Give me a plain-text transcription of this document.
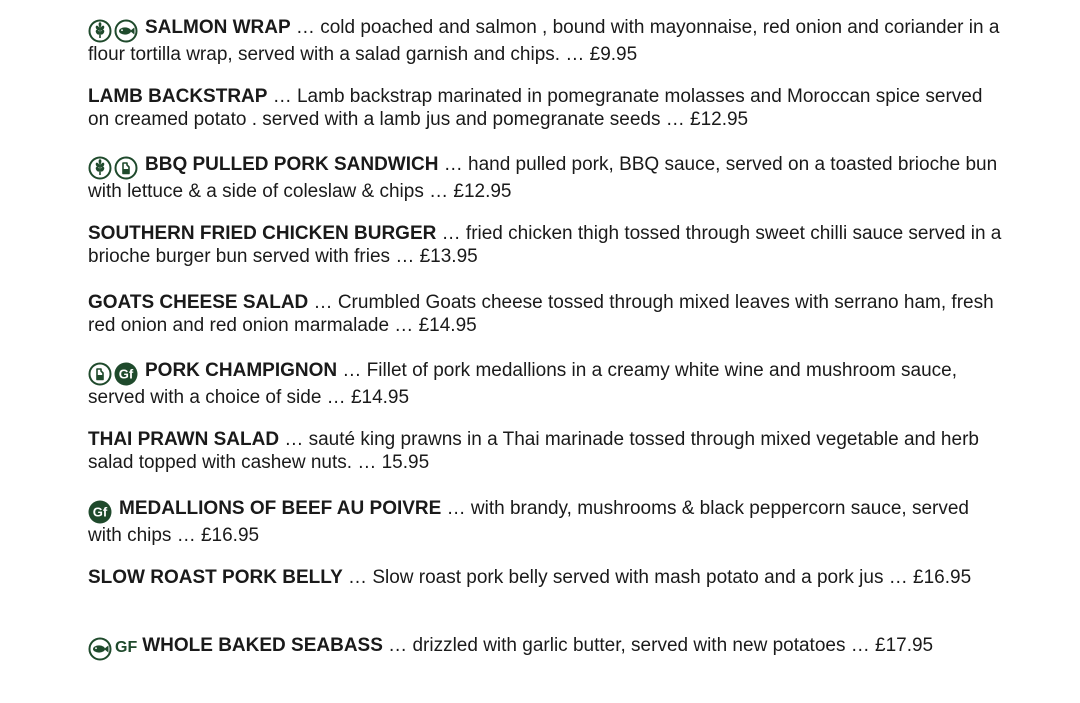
SALMON WRAP … cold poached and salmon , bound with mayonnaise, red onion and coriander in a flour tortilla wrap, served with a salad garnish and chips. … £9.95
LAMB BACKSTRAP … Lamb backstrap marinated in pomegranate molasses and Moroccan spice served on creamed potato . served with a lamb jus and pomegranate seeds … £12.95
BBQ PULLED PORK SANDWICH … hand pulled pork, BBQ sauce, served on a toasted brioche bun with lettuce & a side of coleslaw & chips … £12.95
SOUTHERN FRIED CHICKEN BURGER … fried chicken thigh tossed through sweet chilli sauce served in a brioche burger bun served with fries … £13.95
GOATS CHEESE SALAD … Crumbled Goats cheese tossed through mixed leaves with serrano ham, fresh red onion and red onion marmalade … £14.95
Gf PORK CHAMPIGNON … Fillet of pork medallions in a creamy white wine and mushroom sauce, served with a choice of side … £14.95
THAI PRAWN SALAD … sauté king prawns in a Thai marinade tossed through mixed vegetable and herb salad topped with cashew nuts. … 15.95
Gf MEDALLIONS OF BEEF AU POIVRE … with brandy, mushrooms & black peppercorn sauce, served with chips … £16.95
SLOW ROAST PORK BELLY … Slow roast pork belly served with mash potato and a pork jus … £16.95
GF WHOLE BAKED SEABASS … drizzled with garlic butter, served with new potatoes … £17.95
